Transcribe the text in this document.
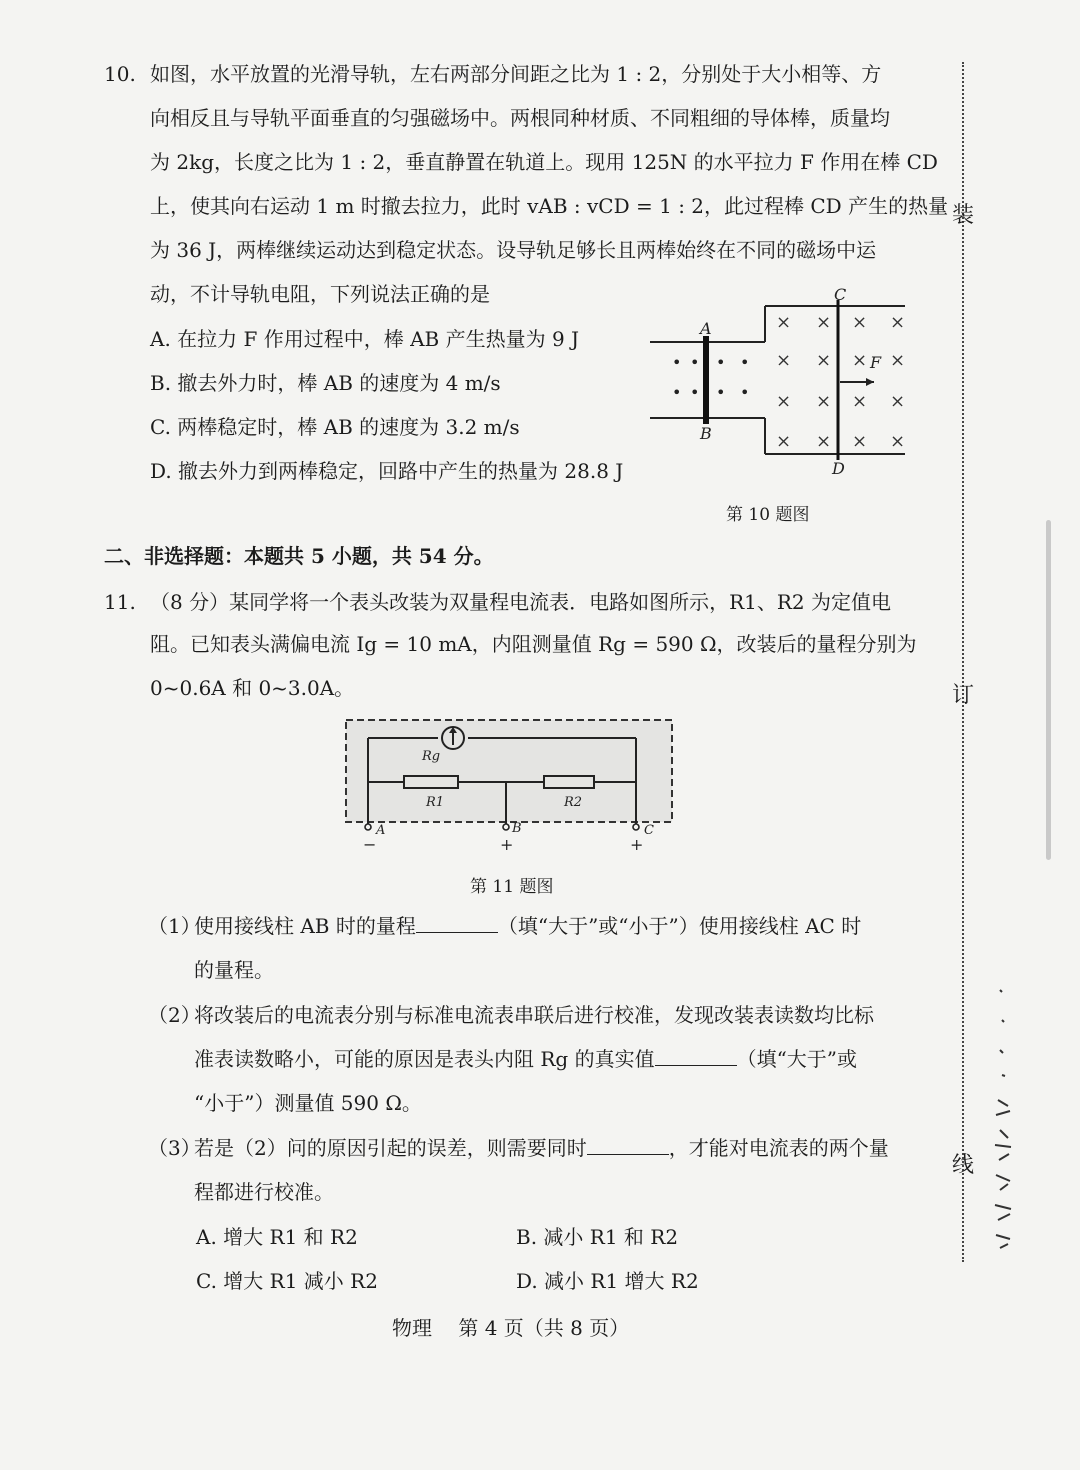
装
订
线
10. 如图，水平放置的光滑导轨，左右两部分间距之比为 1 : 2，分别处于大小相等、方
向相反且与导轨平面垂直的匀强磁场中。两根同种材质、不同粗细的导体棒，质量均
为 2kg，长度之比为 1 : 2，垂直静置在轨道上。现用 125N 的水平拉力 F 作用在棒 CD
上，使其向右运动 1 m 时撤去拉力，此时 vAB : vCD = 1 : 2，此过程棒 CD 产生的热量
为 36 J，两棒继续运动达到稳定状态。设导轨足够长且两棒始终在不同的磁场中运
动，不计导轨电阻，下列说法正确的是
A. 在拉力 F 作用过程中，棒 AB 产生热量为 9 J
B. 撤去外力时，棒 AB 的速度为 4 m/s
C. 两棒稳定时，棒 AB 的速度为 3.2 m/s
D. 撤去外力到两棒稳定，回路中产生的热量为 28.8 J
• • • •
• • • •
× × × ×
× × × ×
× × × ×
× × × ×
A
B
C
D
F
第 10 题图
二、非选择题：本题共 5 小题，共 54 分。
11. （8 分）某同学将一个表头改装为双量程电流表．电路如图所示，R1、R2 为定值电
阻。已知表头满偏电流 Ig = 10 mA，内阻测量值 Rg = 590 Ω，改装后的量程分别为
0~0.6A 和 0~3.0A。
Rg
R1	R2
A	B	C
−	+	+
第 11 题图
（1）
使用接线柱 AB 时的量程	（填“大于”或“小于”）使用接线柱 AC 时
的量程。
（2）
将改装后的电流表分别与标准电流表串联后进行校准，发现改装表读数均比标
准表读数略小，可能的原因是表头内阻 Rg 的真实值	（填“大于”或
“小于”）测量值 590 Ω。
（3）
若是（2）问的原因引起的误差，则需要同时	，才能对电流表的两个量
程都进行校准。
A. 增大 R1 和 R2	B. 减小 R1 和 R2
C. 增大 R1 减小 R2	D. 减小 R1 增大 R2
物理　 第 4 页（共 8 页）
